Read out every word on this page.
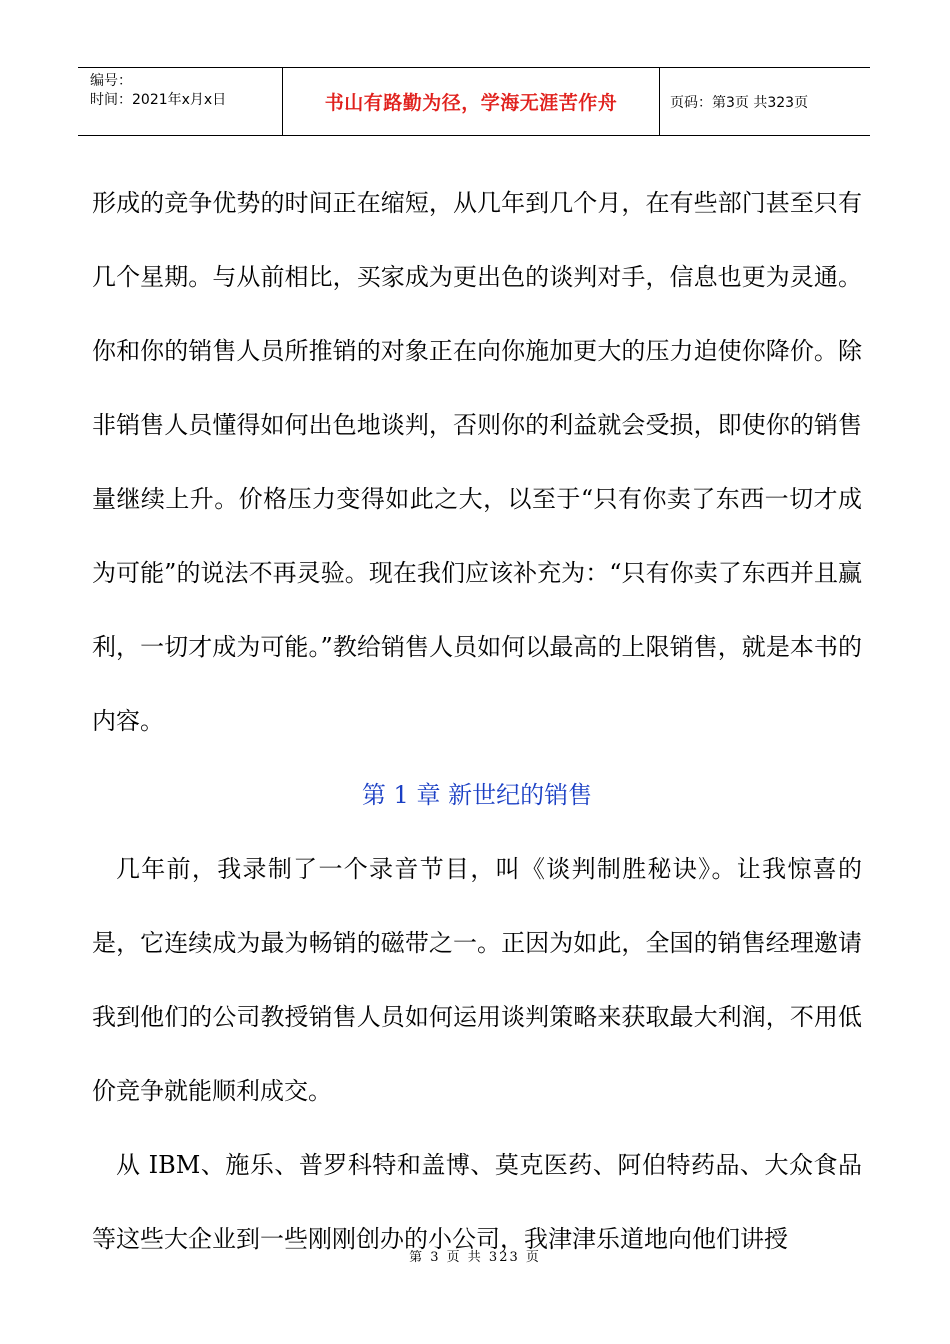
编号：
时间：2021年x月x日	书山有路勤为径，学海无涯苦作舟	页码：第3页 共323页

形成的竞争优势的时间正在缩短，从几年到几个月，在有些部门甚至只有几个星期。与从前相比，买家成为更出色的谈判对手，信息也更为灵通。你和你的销售人员所推销的对象正在向你施加更大的压力迫使你降价。除非销售人员懂得如何出色地谈判，否则你的利益就会受损，即使你的销售量继续上升。价格压力变得如此之大，以至于“只有你卖了东西一切才成为可能”的说法不再灵验。现在我们应该补充为：“只有你卖了东西并且赢利，一切才成为可能。”教给销售人员如何以最高的上限销售，就是本书的内容。

第 1 章 新世纪的销售

几年前，我录制了一个录音节目，叫《谈判制胜秘诀》。让我惊喜的是，它连续成为最为畅销的磁带之一。正因为如此，全国的销售经理邀请我到他们的公司教授销售人员如何运用谈判策略来获取最大利润，不用低价竞争就能顺利成交。

从 IBM、施乐、普罗科特和盖博、莫克医药、阿伯特药品、大众食品等这些大企业到一些刚刚创办的小公司，我津津乐道地向他们讲授

第 3 页 共 323 页
